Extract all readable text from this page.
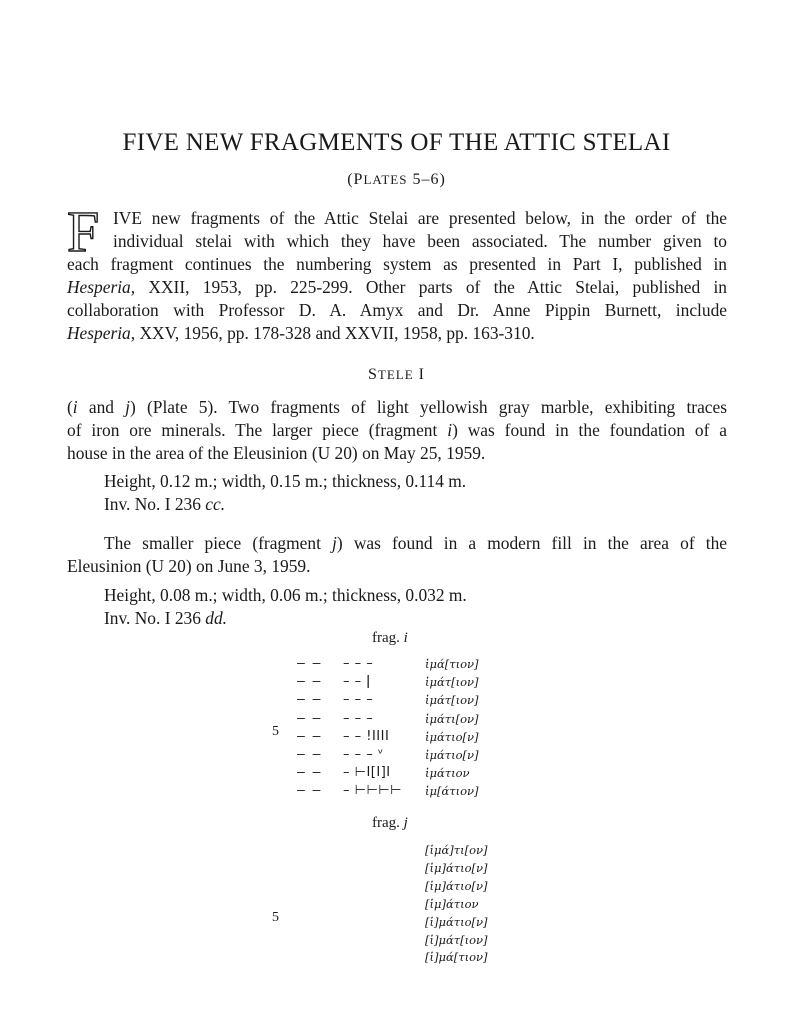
FIVE NEW FRAGMENTS OF THE ATTIC STELAI
(PLATES 5–6)
F IVE new fragments of the Attic Stelai are presented below, in the order of the
individual stelai with which they have been associated. The number given to
each fragment continues the numbering system as presented in Part I, published in
Hesperia, XXII, 1953, pp. 225-299. Other parts of the Attic Stelai, published in
collaboration with Professor D. A. Amyx and Dr. Anne Pippin Burnett, include
Hesperia, XXV, 1956, pp. 178-328 and XXVII, 1958, pp. 163-310.
STELE I
(i and j) (Plate 5). Two fragments of light yellowish gray marble, exhibiting traces
of iron ore minerals. The larger piece (fragment i) was found in the foundation of a
house in the area of the Eleusinion (U 20) on May 25, 1959.
Height, 0.12 m.; width, 0.15 m.; thickness, 0.114 m.
Inv. No. I 236 cc.
The smaller piece (fragment j) was found in a modern fill in the area of the
Eleusinion (U 20) on June 3, 1959.
Height, 0.08 m.; width, 0.06 m.; thickness, 0.032 m.
Inv. No. I 236 dd.
frag. i
5
– – – – –	ἱμά[τιον]
– – – – ǀ	ἱμάτ[ιον]
– – – – –	ἱμάτ[ιον]
– – – – –	ἱμάτι[ον]
– – – – !IIII	ἱμάτιο[ν]
– – – – – ᵛ	ἱμάτιο[ν]
– – – ⊢I[I]I	ἱμάτιον
– – – ⊢⊢⊢⊢ ἱμ[άτιον]
frag. j
5
[ἱμά]τι[ον]
[ἱμ]άτιο[ν]
[ἱμ]άτιο[ν]
[ἱμ]άτιον
[ἱ]μάτιο[ν]
[ἱ]μάτ[ιον]
[ἱ]μά[τιον]
